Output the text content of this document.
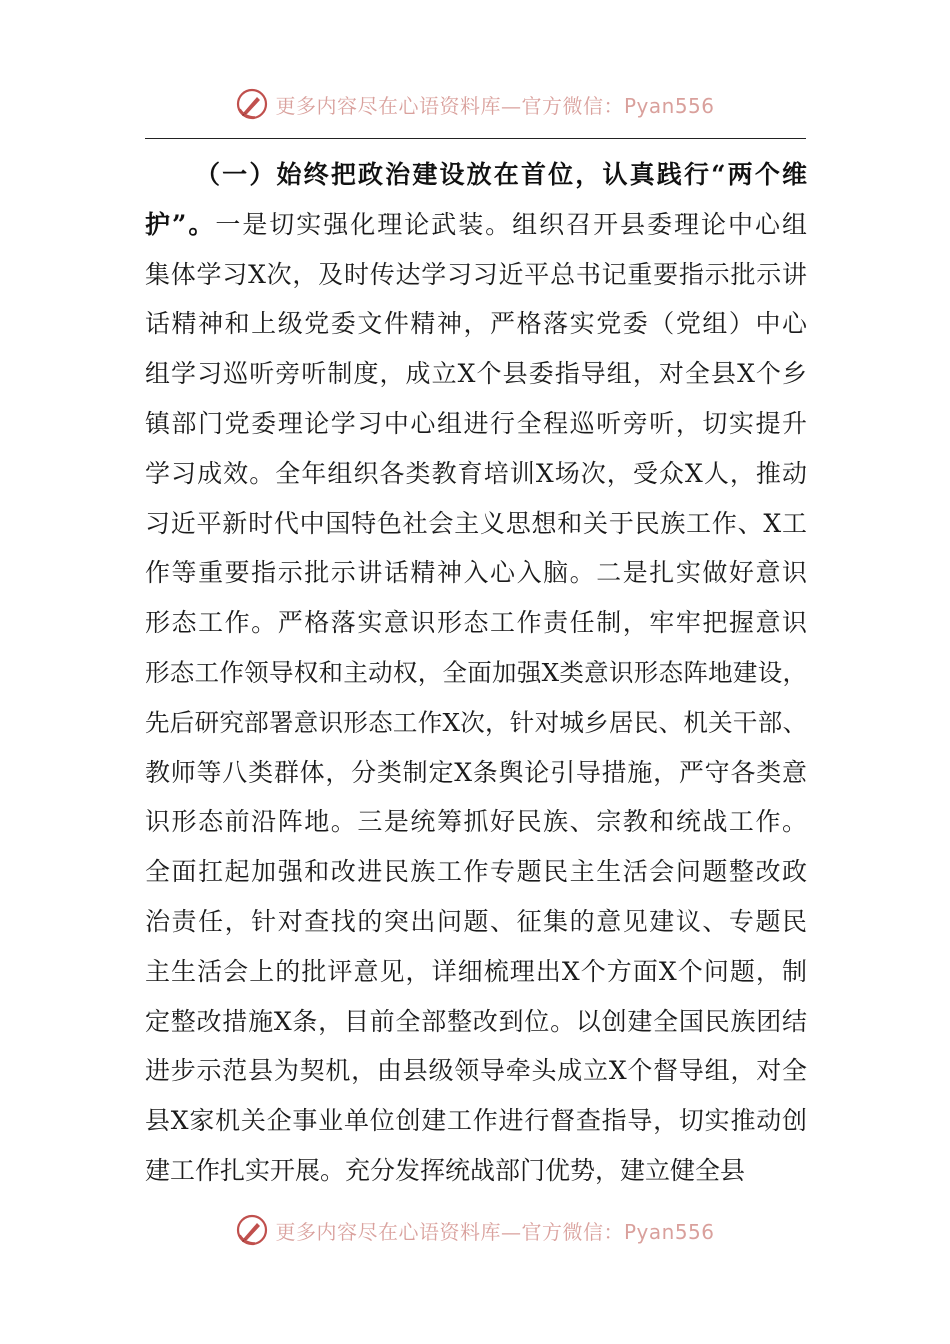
更多内容尽在心语资料库—官方微信：Pyan556
（一）始终把政治建设放在首位，认真践行“两个维
护”。一是切实强化理论武装。组织召开县委理论中心组
集体学习X次，及时传达学习习近平总书记重要指示批示讲
话精神和上级党委文件精神，严格落实党委（党组）中心
组学习巡听旁听制度，成立X个县委指导组，对全县X个乡
镇部门党委理论学习中心组进行全程巡听旁听，切实提升
学习成效。全年组织各类教育培训X场次，受众X人，推动
习近平新时代中国特色社会主义思想和关于民族工作、X工
作等重要指示批示讲话精神入心入脑。二是扎实做好意识
形态工作。严格落实意识形态工作责任制，牢牢把握意识
形态工作领导权和主动权，全面加强X类意识形态阵地建设，
先后研究部署意识形态工作X次，针对城乡居民、机关干部、
教师等八类群体，分类制定X条舆论引导措施，严守各类意
识形态前沿阵地。三是统筹抓好民族、宗教和统战工作。
全面扛起加强和改进民族工作专题民主生活会问题整改政
治责任，针对查找的突出问题、征集的意见建议、专题民
主生活会上的批评意见，详细梳理出X个方面X个问题，制
定整改措施X条，目前全部整改到位。以创建全国民族团结
进步示范县为契机，由县级领导牵头成立X个督导组，对全
县X家机关企事业单位创建工作进行督查指导，切实推动创
建工作扎实开展。充分发挥统战部门优势，建立健全县
更多内容尽在心语资料库—官方微信：Pyan556
